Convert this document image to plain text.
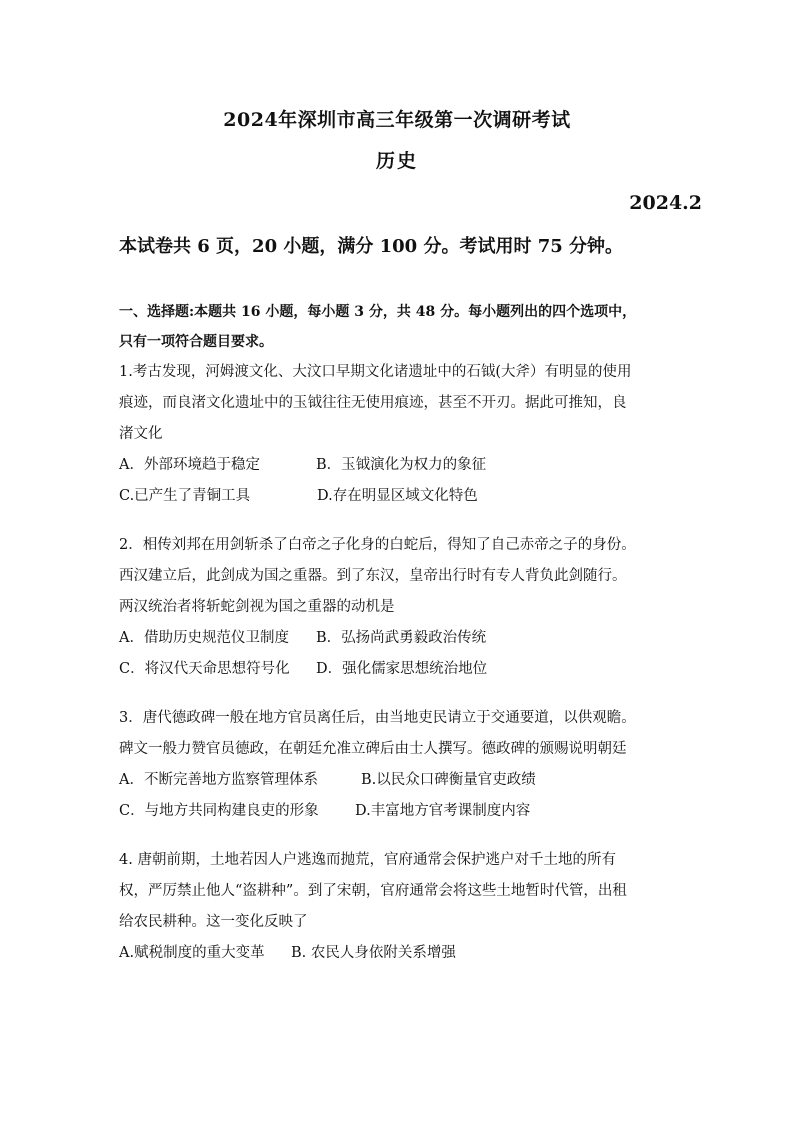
2024年深圳市高三年级第一次调研考试
历史
2024.2
本试卷共 6 页，20 小题，满分 100 分。考试用时 75 分钟。
一、选择题:本题共 16 小题，每小题 3 分，共 48 分。每小题列出的四个选项中，
只有一项符合题目要求。
1.考古发现，河姆渡文化、大汶口早期文化诸遗址中的石钺(大斧）有明显的使用
痕迹，而良渚文化遗址中的玉钺往往无使用痕迹，甚至不开刃。据此可推知，良
渚文化
A．外部环境趋于稳定	B．玉钺演化为权力的象征
C.已产生了青铜工具	D.存在明显区域文化特色
2．相传刘邦在用剑斩杀了白帝之子化身的白蛇后，得知了自己赤帝之子的身份。
西汉建立后，此剑成为国之重器。到了东汉，皇帝出行时有专人背负此剑随行。
两汉统治者将斩蛇剑视为国之重器的动机是
A．借助历史规范仪卫制度 B．弘扬尚武勇毅政治传统
C．将汉代天命思想符号化 D．强化儒家思想统治地位
3．唐代德政碑一般在地方官员离任后，由当地吏民请立于交通要道，以供观瞻。
碑文一般力赞官员德政，在朝廷允准立碑后由士人撰写。德政碑的颁赐说明朝廷
A．不断完善地方监察管理体系	B.以民众口碑衡量官吏政绩
C．与地方共同构建良吏的形象	D.丰富地方官考课制度内容
4. 唐朝前期，土地若因人户逃逸而抛荒，官府通常会保护逃户对千土地的所有
权，严厉禁止他人“盗耕种”。到了宋朝，官府通常会将这些土地暂时代管，出租
给农民耕种。这一变化反映了
A.赋税制度的重大变革 B. 农民人身依附关系增强
